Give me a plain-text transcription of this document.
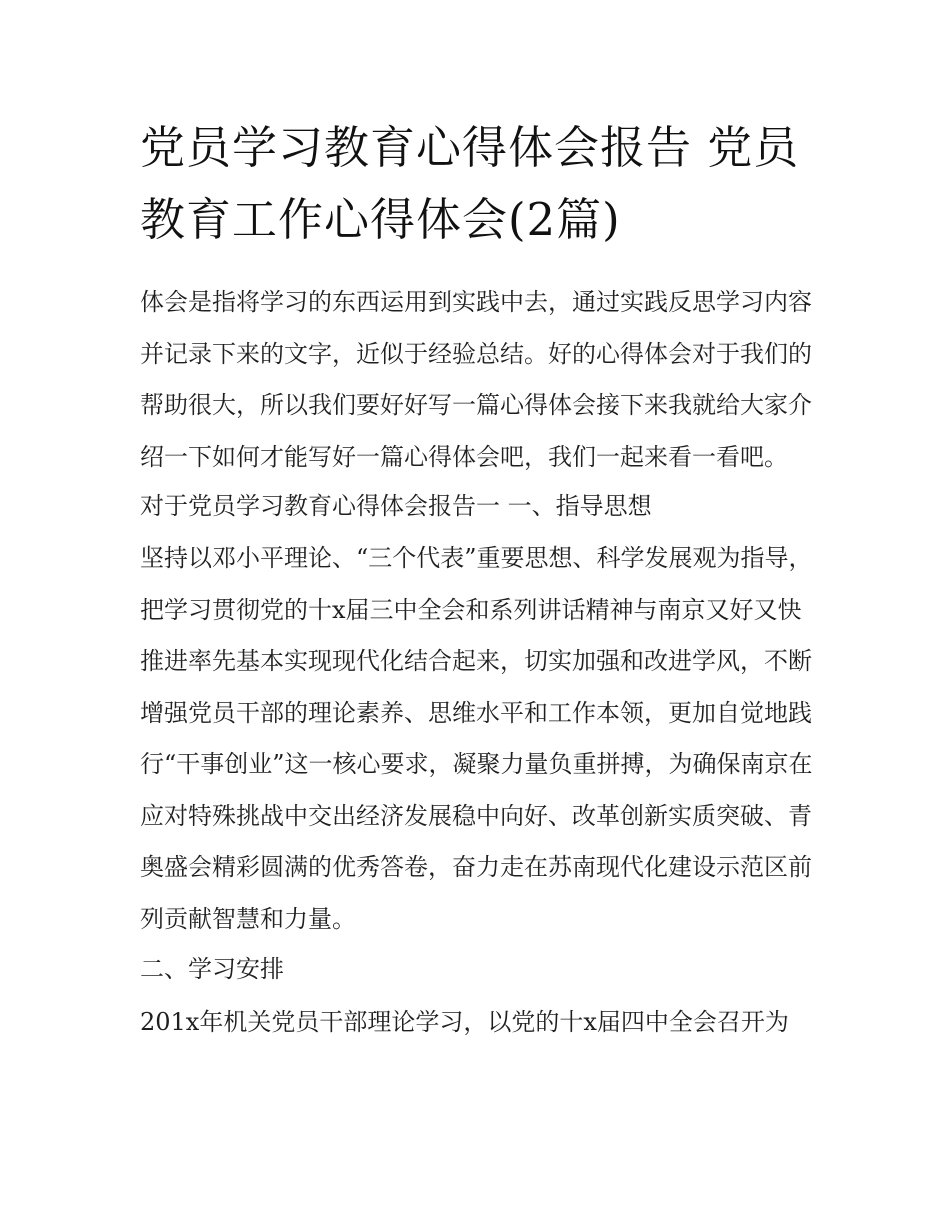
党员学习教育心得体会报告 党员教育工作心得体会(2篇)

体会是指将学习的东西运用到实践中去，通过实践反思学习内容并记录下来的文字，近似于经验总结。好的心得体会对于我们的帮助很大，所以我们要好好写一篇心得体会接下来我就给大家介绍一下如何才能写好一篇心得体会吧，我们一起来看一看吧。

对于党员学习教育心得体会报告一 一、指导思想

坚持以邓小平理论、“三个代表”重要思想、科学发展观为指导，把学习贯彻党的十x届三中全会和系列讲话精神与南京又好又快推进率先基本实现现代化结合起来，切实加强和改进学风，不断增强党员干部的理论素养、思维水平和工作本领，更加自觉地践行“干事创业”这一核心要求，凝聚力量负重拼搏，为确保南京在应对特殊挑战中交出经济发展稳中向好、改革创新实质突破、青奥盛会精彩圆满的优秀答卷，奋力走在苏南现代化建设示范区前列贡献智慧和力量。

二、学习安排

201x年机关党员干部理论学习，以党的十x届四中全会召开为
